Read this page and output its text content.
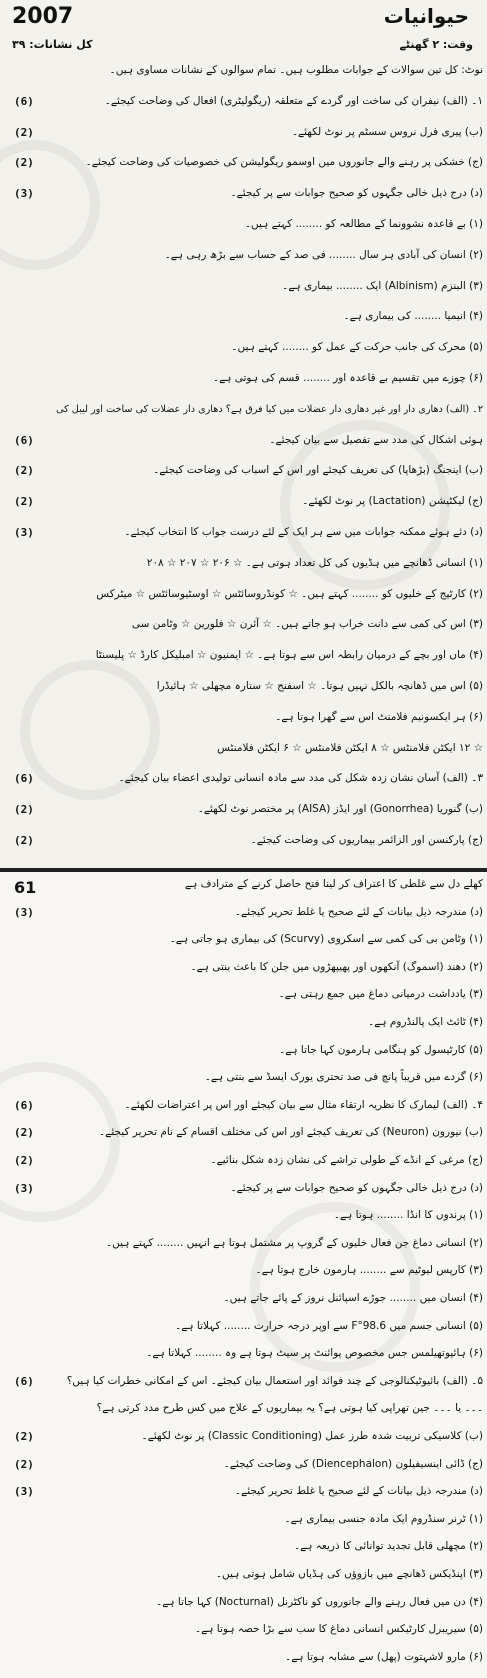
2007	حیوانیات
وقت: ۲ گھنٹے
کل نشانات: ۳۹
نوٹ: کل تین سوالات کے جوابات مطلوب ہیں۔ تمام سوالوں کے نشانات مساوی ہیں۔
۱۔ (الف) نیفران کی ساخت اور گردے کے متعلقہ (ریگولیٹری) افعال کی وضاحت کیجئے۔
(6)
(ب) پیری فرل نروس سسٹم پر نوٹ لکھئے۔
(2)
(ج) خشکی پر رہنے والے جانوروں میں اوسمو ریگولیشن کی خصوصیات کی وضاحت کیجئے۔
(2)
(د) درج ذیل خالی جگہوں کو صحیح جوابات سے پر کیجئے۔
(3)
(۱) بے قاعدہ نشوونما کے مطالعہ کو ........ کہتے ہیں۔
(۲) انسان کی آبادی ہر سال ........ فی صد کے حساب سے بڑھ رہی ہے۔
(۳) البنزم (Albinism) ایک ........ بیماری ہے۔
(۴) انیمیا ........ کی بیماری ہے۔
(۵) محرک کی جانب حرکت کے عمل کو ........ کہتے ہیں۔
(۶) چوزے میں تقسیم بے قاعدہ اور ........ قسم کی ہوتی ہے۔
۲۔ (الف) دھاری دار اور غیر دھاری دار عضلات میں کیا فرق ہے؟ دھاری دار عضلات کی ساخت اور لیبل کی
ہوئی اشکال کی مدد سے تفصیل سے بیان کیجئے۔
(6)
(ب) اینجنگ (بڑھاپا) کی تعریف کیجئے اور اس کے اسباب کی وضاحت کیجئے۔
(2)
(ج) لیکٹیشن (Lactation) پر نوٹ لکھئے۔
(2)
(د) دئے ہوئے ممکنہ جوابات میں سے ہر ایک کے لئے درست جواب کا انتخاب کیجئے۔
(3)
(۱) انسانی ڈھانچے میں ہڈیوں کی کل تعداد ہوتی ہے۔ ☆ ۲۰۶ ☆ ۲۰۷ ☆ ۲۰۸
(۲) کارٹیج کے خلیوں کو ........ کہتے ہیں۔ ☆ کونڈروسائٹس ☆ اوسٹیوسائٹس ☆ میٹرکس
(۳) اس کی کمی سے دانت خراب ہو جاتے ہیں۔ ☆ آئرن ☆ فلورین ☆ وٹامن سی
(۴) ماں اور بچے کے درمیان رابطہ اس سے ہوتا ہے۔ ☆ ایمنیون ☆ امبلیکل کارڈ ☆ پلیسنٹا
(۵) اس میں ڈھانچہ بالکل نہیں ہوتا۔ ☆ اسفنج ☆ ستارہ مچھلی ☆ ہائیڈرا
(۶) ہر ایکسونیم فلامنٹ اس سے گھرا ہوتا ہے۔
☆ ۱۲ ایکٹن فلامنٹس ☆ ۸ ایکٹن فلامنٹس ☆ ۶ ایکٹن فلامنٹس
۳۔ (الف) آسان نشان زدہ شکل کی مدد سے مادہ انسانی تولیدی اعضاء بیان کیجئے۔
(6)
(ب) گنوریا (Gonorrhea) اور ایڈز (AISA) پر مختصر نوٹ لکھئے۔
(2)
(ج) پارکنسن اور الزائمر بیماریوں کی وضاحت کیجئے۔
(2)
61	کھلے دل سے غلطی کا اعتراف کر لینا فتح حاصل کرنے کے مترادف ہے
(د) مندرجہ ذیل بیانات کے لئے صحیح یا غلط تحریر کیجئے۔
(3)
(۱) وٹامن بی کی کمی سے اسکروی (Scurvy) کی بیماری ہو جاتی ہے۔
(۲) دھند (اسموگ) آنکھوں اور پھیپھڑوں میں جلن کا باعث بنتی ہے۔
(۳) یادداشت درمیانی دماغ میں جمع رہتی ہے۔
(۴) ٹائٹ ایک پالنڈروم ہے۔
(۵) کارٹیسول کو ہنگامی ہارمون کہا جاتا ہے۔
(۶) گردے میں قریباً پانچ فی صد تحتری یورک ایسڈ سے بنتی ہے۔
۴۔ (الف) لیمارک کا نظریہ ارتقاء مثال سے بیان کیجئے اور اس پر اعتراضات لکھئے۔
(6)
(ب) نیورون (Neuron) کی تعریف کیجئے اور اس کی مختلف اقسام کے نام تحریر کیجئے۔
(2)
(ج) مرغی کے انڈے کے طولی تراشے کی نشان زدہ شکل بنائیے۔
(2)
(د) درج ذیل خالی جگہوں کو صحیح جوابات سے پر کیجئے۔
(3)
(۱) پرندوں کا انڈا ........ ہوتا ہے۔
(۲) انسانی دماغ جن فعال خلیوں کے گروپ پر مشتمل ہوتا ہے انہیں ........ کہتے ہیں۔
(۳) کارپس لیوٹیم سے ........ ہارمون خارج ہوتا ہے۔
(۴) انسان میں ........ جوڑے اسپائنل نروز کے پائے جاتے ہیں۔
(۵) انسانی جسم میں 98.6°F سے اوپر درجہ حرارت ........ کہلاتا ہے۔
(۶) ہائپوتھیلمس جس مخصوص پوائنٹ پر سیٹ ہوتا ہے وہ ........ کہلاتا ہے۔
۵۔ (الف) بائیوٹیکنالوجی کے چند فوائد اور استعمال بیان کیجئے۔ اس کے امکانی خطرات کیا ہیں؟
(6)
۔۔۔ یا ۔۔۔ جین تھراپی کیا ہوتی ہے؟ یہ بیماریوں کے علاج میں کس طرح مدد کرتی ہے؟
(ب) کلاسیکی تربیت شدہ طرز عمل (Classic Conditioning) پر نوٹ لکھئے۔
(2)
(ج) ڈائی اینسیفیلون (Diencephalon) کی وضاحت کیجئے۔
(2)
(د) مندرجہ ذیل بیانات کے لئے صحیح یا غلط تحریر کیجئے۔
(3)
(۱) ٹرنر سنڈروم ایک مادہ جنسی بیماری ہے۔
(۲) مچھلی قابل تجدید توانائی کا ذریعہ ہے۔
(۳) اپنڈیکس ڈھانچے میں بازوؤں کی ہڈیاں شامل ہوتی ہیں۔
(۴) دن میں فعال رہنے والے جانوروں کو ناکٹرنل (Nocturnal) کہا جاتا ہے۔
(۵) سیریبرل کارٹیکس انسانی دماغ کا سب سے بڑا حصہ ہوتا ہے۔
(۶) مارو لاشہتوت (پھل) سے مشابہ ہوتا ہے۔
